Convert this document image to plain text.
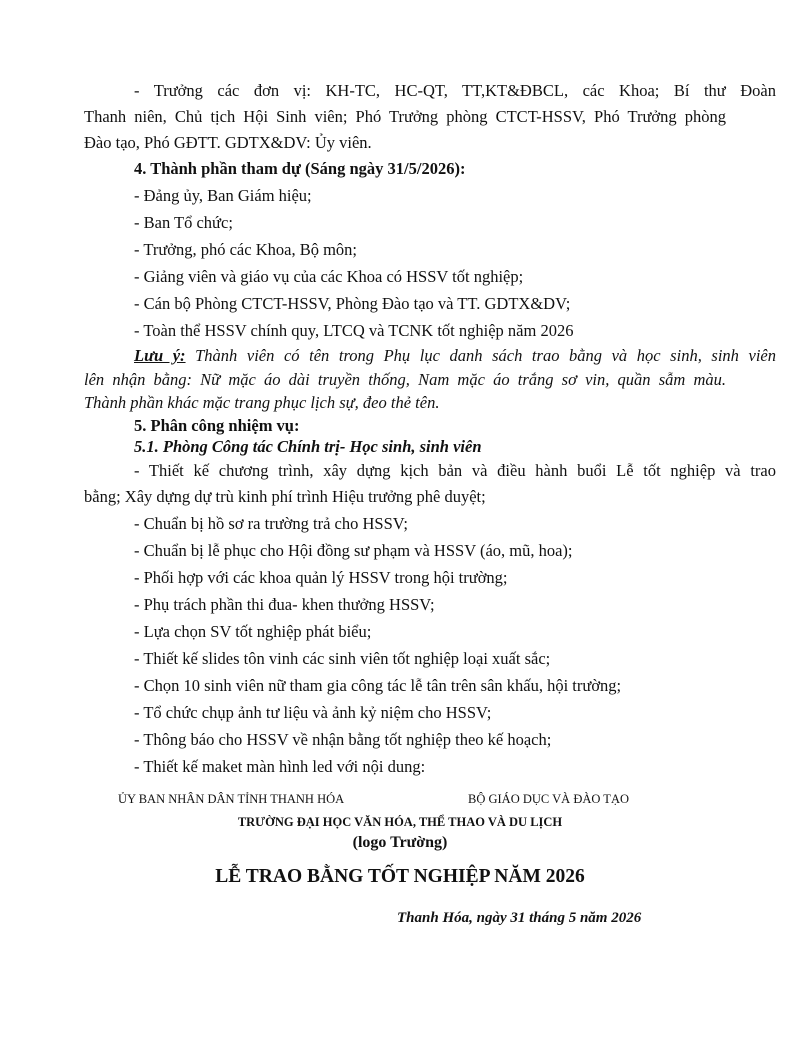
- Trưởng các đơn vị: KH-TC, HC-QT, TT,KT&ĐBCL, các Khoa; Bí thư Đoàn
Thanh niên, Chủ tịch Hội Sinh viên; Phó Trưởng phòng CTCT-HSSV, Phó Trưởng phòng
Đào tạo, Phó GĐTT. GDTX&DV: Ủy viên.
4. Thành phần tham dự (Sáng ngày 31/5/2026):
- Đảng ủy, Ban Giám hiệu;
- Ban Tổ chức;
- Trưởng, phó các Khoa, Bộ môn;
- Giảng viên và giáo vụ của các Khoa có HSSV tốt nghiệp;
- Cán bộ Phòng CTCT-HSSV, Phòng Đào tạo và TT. GDTX&DV;
- Toàn thể HSSV chính quy, LTCQ và TCNK tốt nghiệp năm 2026
Lưu ý: Thành viên có tên trong Phụ lục danh sách trao bằng và học sinh, sinh viên
lên nhận bằng: Nữ mặc áo dài truyền thống, Nam mặc áo trắng sơ vin, quần sẫm màu.
Thành phần khác mặc trang phục lịch sự, đeo thẻ tên.
5. Phân công nhiệm vụ:
5.1. Phòng Công tác Chính trị- Học sinh, sinh viên
- Thiết kế chương trình, xây dựng kịch bản và điều hành buổi Lễ tốt nghiệp và trao
bằng; Xây dựng dự trù kinh phí trình Hiệu trưởng phê duyệt;
- Chuẩn bị hồ sơ ra trường trả cho HSSV;
- Chuẩn bị lễ phục cho Hội đồng sư phạm và HSSV (áo, mũ, hoa);
- Phối hợp với các khoa quản lý HSSV trong hội trường;
- Phụ trách phần thi đua- khen thưởng HSSV;
- Lựa chọn SV tốt nghiệp phát biểu;
- Thiết kế slides tôn vinh các sinh viên tốt nghiệp loại xuất sắc;
- Chọn 10 sinh viên nữ tham gia công tác lễ tân trên sân khấu, hội trường;
- Tổ chức chụp ảnh tư liệu và ảnh kỷ niệm cho HSSV;
- Thông báo cho HSSV về nhận bằng tốt nghiệp theo kế hoạch;
- Thiết kế maket màn hình led với nội dung:
ỦY BAN NHÂN DÂN TỈNH THANH HÓA	BỘ GIÁO DỤC VÀ ĐÀO TẠO
TRƯỜNG ĐẠI HỌC VĂN HÓA, THỂ THAO VÀ DU LỊCH
(logo Trường)
LỄ TRAO BẰNG TỐT NGHIỆP NĂM 2026
Thanh Hóa, ngày 31 tháng 5 năm 2026
